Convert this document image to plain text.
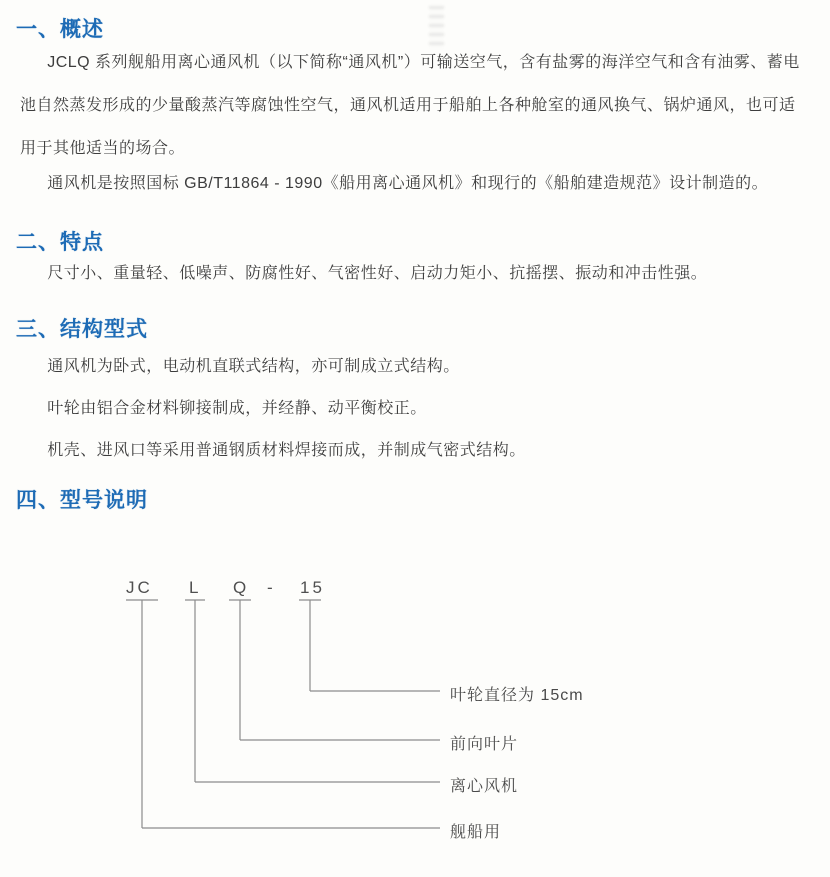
一、概述
JCLQ 系列舰船用离心通风机（以下简称“通风机”）可输送空气，含有盐雾的海洋空气和含有油雾、蓄电
池自然蒸发形成的少量酸蒸汽等腐蚀性空气，通风机适用于船舶上各种舱室的通风换气、锅炉通风，也可适
用于其他适当的场合。
通风机是按照国标 GB/T11864 - 1990《船用离心通风机》和现行的《船舶建造规范》设计制造的。
二、特点
尺寸小、重量轻、低噪声、防腐性好、气密性好、启动力矩小、抗摇摆、振动和冲击性强。
三、结构型式
通风机为卧式，电动机直联式结构，亦可制成立式结构。
叶轮由铝合金材料铆接制成，并经静、动平衡校正。
机壳、进风口等采用普通钢质材料焊接而成，并制成气密式结构。
四、型号说明
JC L Q - 15
叶轮直径为 15cm
前向叶片
离心风机
舰船用
